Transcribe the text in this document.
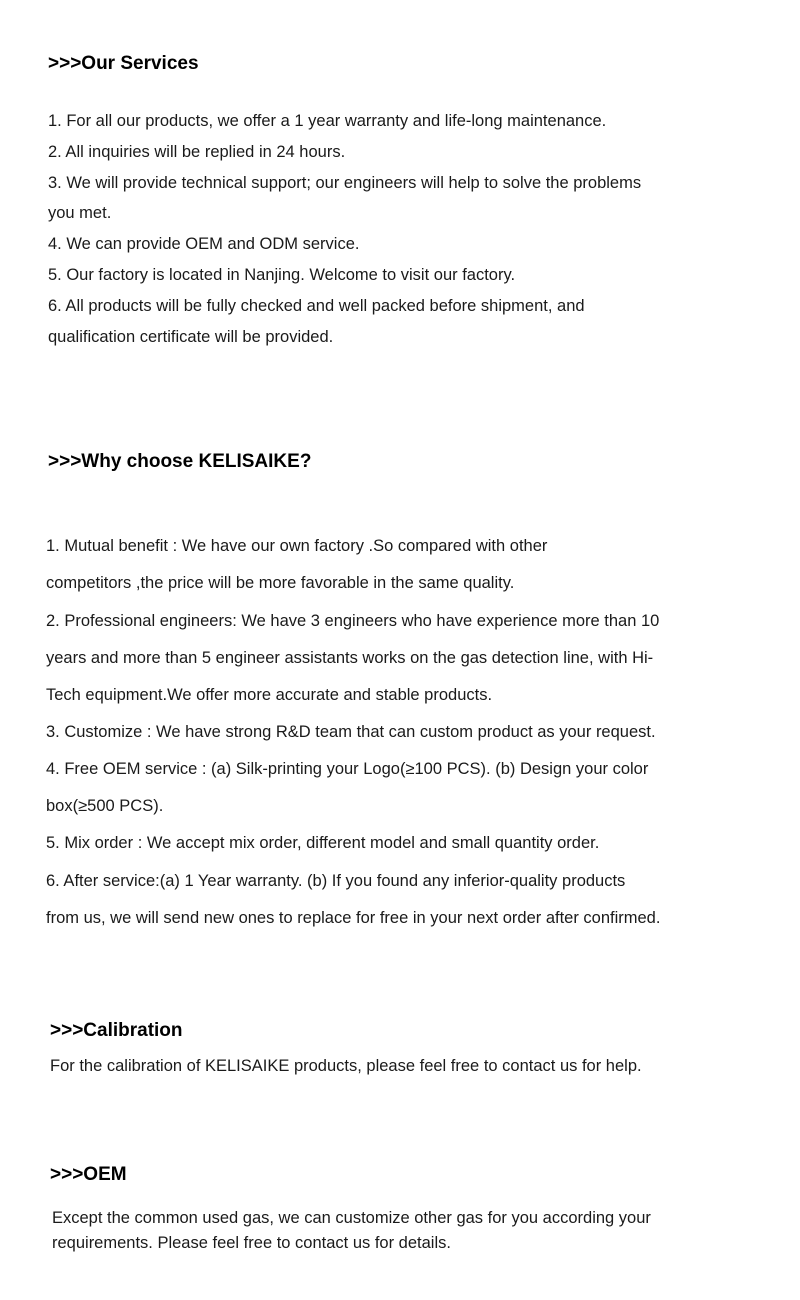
>>>Our Services
1. For all our products, we offer a 1 year warranty and life-long maintenance.
2. All inquiries will be replied in 24 hours.
3. We will provide technical support; our engineers will help to solve the problems
you met.
4. We can provide OEM and ODM service.
5. Our factory is located in Nanjing. Welcome to visit our factory.
6. All products will be fully checked and well packed before shipment, and
qualification certificate will be provided.
>>>Why choose KELISAIKE?
1. Mutual benefit : We have our own factory .So compared with other
competitors ,the price will be more favorable in the same quality.
2. Professional engineers: We have 3 engineers who have experience more than 10
years and more than 5 engineer assistants works on the gas detection line, with Hi-
Tech equipment.We offer more accurate and stable products.
3. Customize : We have strong R&D team that can custom product as your request.
4. Free OEM service : (a) Silk-printing your Logo(≥100 PCS). (b) Design your color
box(≥500 PCS).
5. Mix order : We accept mix order, different model and small quantity order.
6. After service:(a) 1 Year warranty. (b) If you found any inferior-quality products
from us, we will send new ones to replace for free in your next order after confirmed.
>>>Calibration
For the calibration of KELISAIKE products, please feel free to contact us for help.
>>>OEM
Except the common used gas, we can customize other gas for you according your
requirements. Please feel free to contact us for details.
